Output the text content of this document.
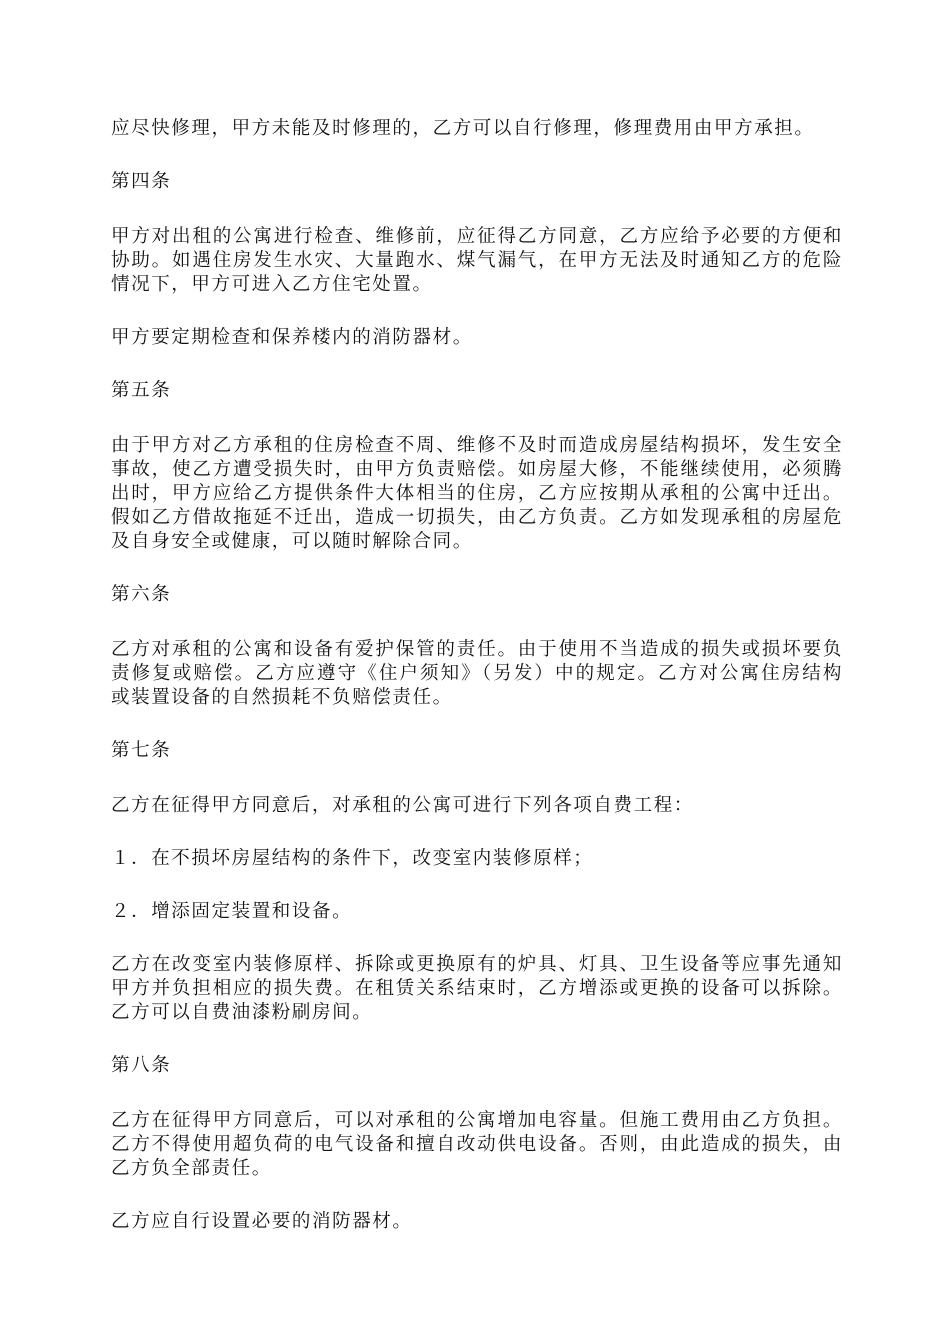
应尽快修理，甲方未能及时修理的，乙方可以自行修理，修理费用由甲方承担。

第四条

甲方对出租的公寓进行检查、维修前，应征得乙方同意，乙方应给予必要的方便和协助。如遇住房发生水灾、大量跑水、煤气漏气，在甲方无法及时通知乙方的危险情况下，甲方可进入乙方住宅处置。

甲方要定期检查和保养楼内的消防器材。

第五条

由于甲方对乙方承租的住房检查不周、维修不及时而造成房屋结构损坏，发生安全事故，使乙方遭受损失时，由甲方负责赔偿。如房屋大修，不能继续使用，必须腾出时，甲方应给乙方提供条件大体相当的住房，乙方应按期从承租的公寓中迁出。假如乙方借故拖延不迁出，造成一切损失，由乙方负责。乙方如发现承租的房屋危及自身安全或健康，可以随时解除合同。

第六条

乙方对承租的公寓和设备有爱护保管的责任。由于使用不当造成的损失或损坏要负责修复或赔偿。乙方应遵守《住户须知》（另发）中的规定。乙方对公寓住房结构或装置设备的自然损耗不负赔偿责任。

第七条

乙方在征得甲方同意后，对承租的公寓可进行下列各项自费工程：

１．在不损坏房屋结构的条件下，改变室内装修原样；

２．增添固定装置和设备。

乙方在改变室内装修原样、拆除或更换原有的炉具、灯具、卫生设备等应事先通知甲方并负担相应的损失费。在租赁关系结束时，乙方增添或更换的设备可以拆除。乙方可以自费油漆粉刷房间。

第八条

乙方在征得甲方同意后，可以对承租的公寓增加电容量。但施工费用由乙方负担。乙方不得使用超负荷的电气设备和擅自改动供电设备。否则，由此造成的损失，由乙方负全部责任。

乙方应自行设置必要的消防器材。
